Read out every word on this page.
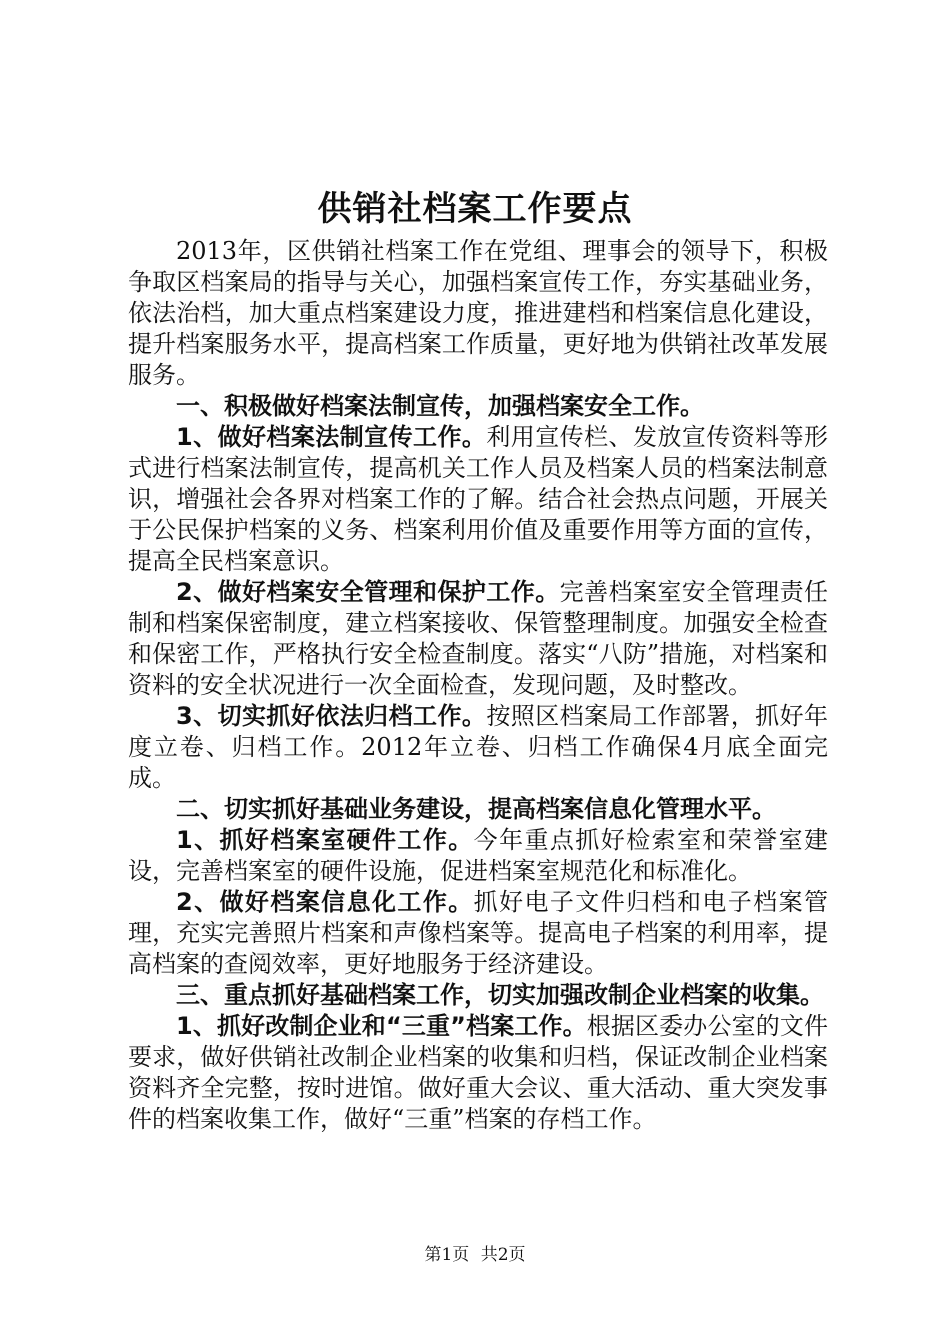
供销社档案工作要点

2013年，区供销社档案工作在党组、理事会的领导下，积极争取区档案局的指导与关心，加强档案宣传工作，夯实基础业务，依法治档，加大重点档案建设力度，推进建档和档案信息化建设，提升档案服务水平，提高档案工作质量，更好地为供销社改革发展服务。

一、积极做好档案法制宣传，加强档案安全工作。

1、做好档案法制宣传工作。利用宣传栏、发放宣传资料等形式进行档案法制宣传，提高机关工作人员及档案人员的档案法制意识，增强社会各界对档案工作的了解。结合社会热点问题，开展关于公民保护档案的义务、档案利用价值及重要作用等方面的宣传，提高全民档案意识。

2、做好档案安全管理和保护工作。完善档案室安全管理责任制和档案保密制度，建立档案接收、保管整理制度。加强安全检查和保密工作，严格执行安全检查制度。落实“八防”措施，对档案和资料的安全状况进行一次全面检查，发现问题，及时整改。

3、切实抓好依法归档工作。按照区档案局工作部署，抓好年度立卷、归档工作。2012年立卷、归档工作确保4月底全面完成。

二、切实抓好基础业务建设，提高档案信息化管理水平。

1、抓好档案室硬件工作。今年重点抓好检索室和荣誉室建设，完善档案室的硬件设施，促进档案室规范化和标准化。

2、做好档案信息化工作。抓好电子文件归档和电子档案管理，充实完善照片档案和声像档案等。提高电子档案的利用率，提高档案的查阅效率，更好地服务于经济建设。

三、重点抓好基础档案工作，切实加强改制企业档案的收集。

1、抓好改制企业和“三重”档案工作。根据区委办公室的文件要求，做好供销社改制企业档案的收集和归档，保证改制企业档案资料齐全完整，按时进馆。做好重大会议、重大活动、重大突发事件的档案收集工作，做好“三重”档案的存档工作。

第1页 共2页
